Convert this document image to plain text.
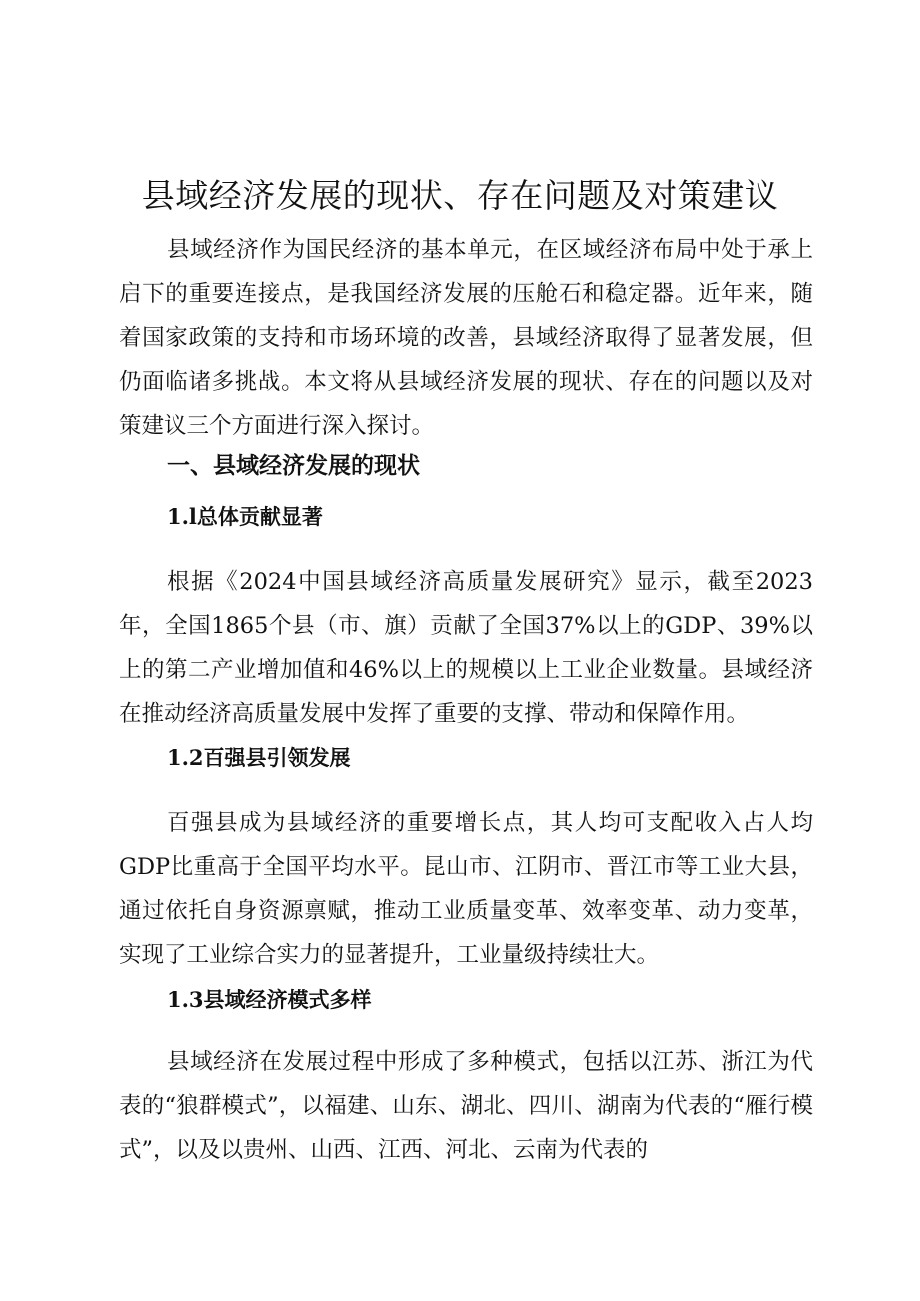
县域经济发展的现状、存在问题及对策建议

县域经济作为国民经济的基本单元，在区域经济布局中处于承上启下的重要连接点，是我国经济发展的压舱石和稳定器。近年来，随着国家政策的支持和市场环境的改善，县域经济取得了显著发展，但仍面临诸多挑战。本文将从县域经济发展的现状、存在的问题以及对策建议三个方面进行深入探讨。

一、县域经济发展的现状
1.l总体贡献显著

根据《2024中国县域经济高质量发展研究》显示，截至2023年，全国1865个县（市、旗）贡献了全国37%以上的GDP、39%以上的第二产业增加值和46%以上的规模以上工业企业数量。县域经济在推动经济高质量发展中发挥了重要的支撑、带动和保障作用。

1.2百强县引领发展

百强县成为县域经济的重要增长点，其人均可支配收入占人均GDP比重高于全国平均水平。昆山市、江阴市、晋江市等工业大县，通过依托自身资源禀赋，推动工业质量变革、效率变革、动力变革，实现了工业综合实力的显著提升，工业量级持续壮大。

1.3县域经济模式多样

县域经济在发展过程中形成了多种模式，包括以江苏、浙江为代表的“狼群模式”，以福建、山东、湖北、四川、湖南为代表的“雁行模式”，以及以贵州、山西、江西、河北、云南为代表的
